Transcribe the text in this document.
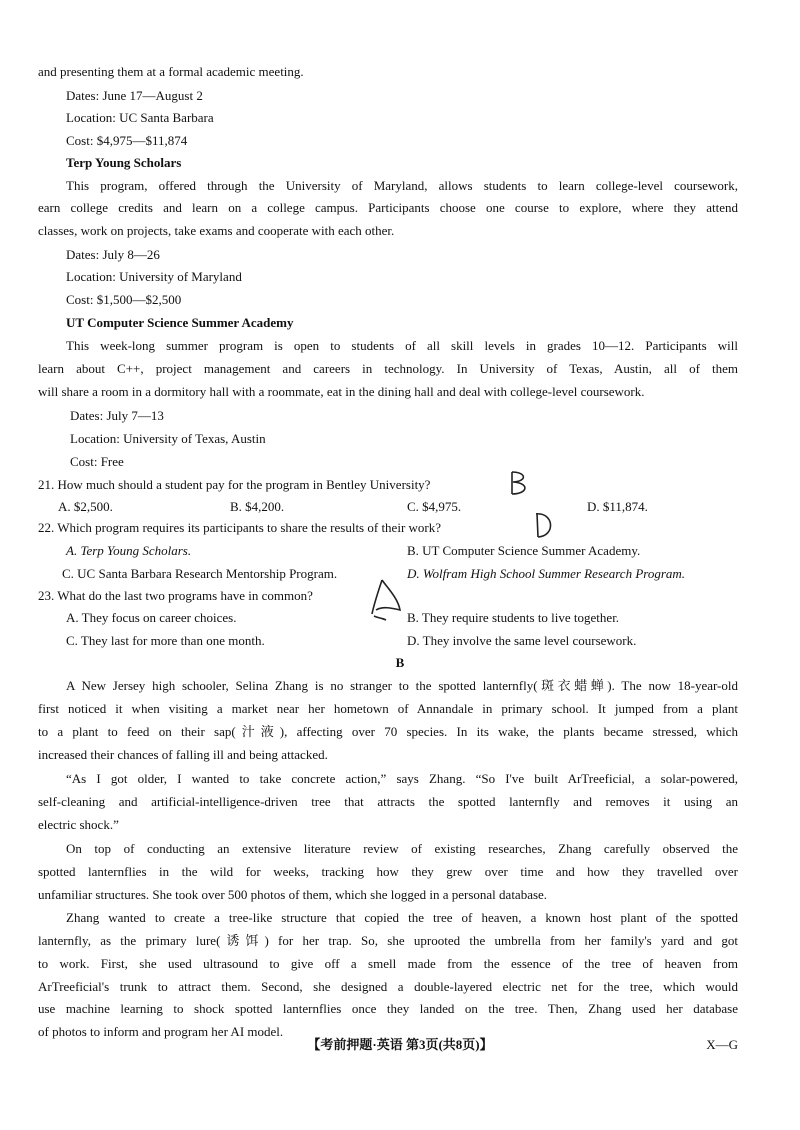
and presenting them at a formal academic meeting.
Dates: June 17—August 2
Location: UC Santa Barbara
Cost: $4,975—$11,874
Terp Young Scholars
This program, offered through the University of Maryland, allows students to learn college-level coursework,
earn college credits and learn on a college campus. Participants choose one course to explore, where they attend
classes, work on projects, take exams and cooperate with each other.
Dates: July 8—26
Location: University of Maryland
Cost: $1,500—$2,500
UT Computer Science Summer Academy
This week-long summer program is open to students of all skill levels in grades 10—12. Participants will
learn about C++, project management and careers in technology. In University of Texas, Austin, all of them
will share a room in a dormitory hall with a roommate, eat in the dining hall and deal with college-level coursework.
Dates: July 7—13
Location: University of Texas, Austin
Cost: Free
21. How much should a student pay for the program in Bentley University?
A. $2,500.	B. $4,200.	C. $4,975.	D. $11,874.
22. Which program requires its participants to share the results of their work?
A. Terp Young Scholars.	B. UT Computer Science Summer Academy.
C. UC Santa Barbara Research Mentorship Program.	D. Wolfram High School Summer Research Program.
23. What do the last two programs have in common?
A. They focus on career choices.	B. They require students to live together.
C. They last for more than one month.	D. They involve the same level coursework.
B
A New Jersey high schooler, Selina Zhang is no stranger to the spotted lanternfly(斑衣蜡蝉). The now 18-year-old
first noticed it when visiting a market near her hometown of Annandale in primary school. It jumped from a plant
to a plant to feed on their sap(汁液), affecting over 70 species. In its wake, the plants became stressed, which
increased their chances of falling ill and being attacked.
“As I got older, I wanted to take concrete action,” says Zhang. “So I've built ArTreeficial, a solar-powered,
self-cleaning and artificial-intelligence-driven tree that attracts the spotted lanternfly and removes it using an
electric shock.”
On top of conducting an extensive literature review of existing researches, Zhang carefully observed the
spotted lanternflies in the wild for weeks, tracking how they grew over time and how they travelled over
unfamiliar structures. She took over 500 photos of them, which she logged in a personal database.
Zhang wanted to create a tree-like structure that copied the tree of heaven, a known host plant of the spotted
lanternfly, as the primary lure(诱饵) for her trap. So, she uprooted the umbrella from her family's yard and got
to work. First, she used ultrasound to give off a smell made from the essence of the tree of heaven from
ArTreeficial's trunk to attract them. Second, she designed a double-layered electric net for the tree, which would
use machine learning to shock spotted lanternflies once they landed on the tree. Then, Zhang used her database
【考前押题·英语 第3页(共8页)】	X—G
of photos to inform and program her AI model.
